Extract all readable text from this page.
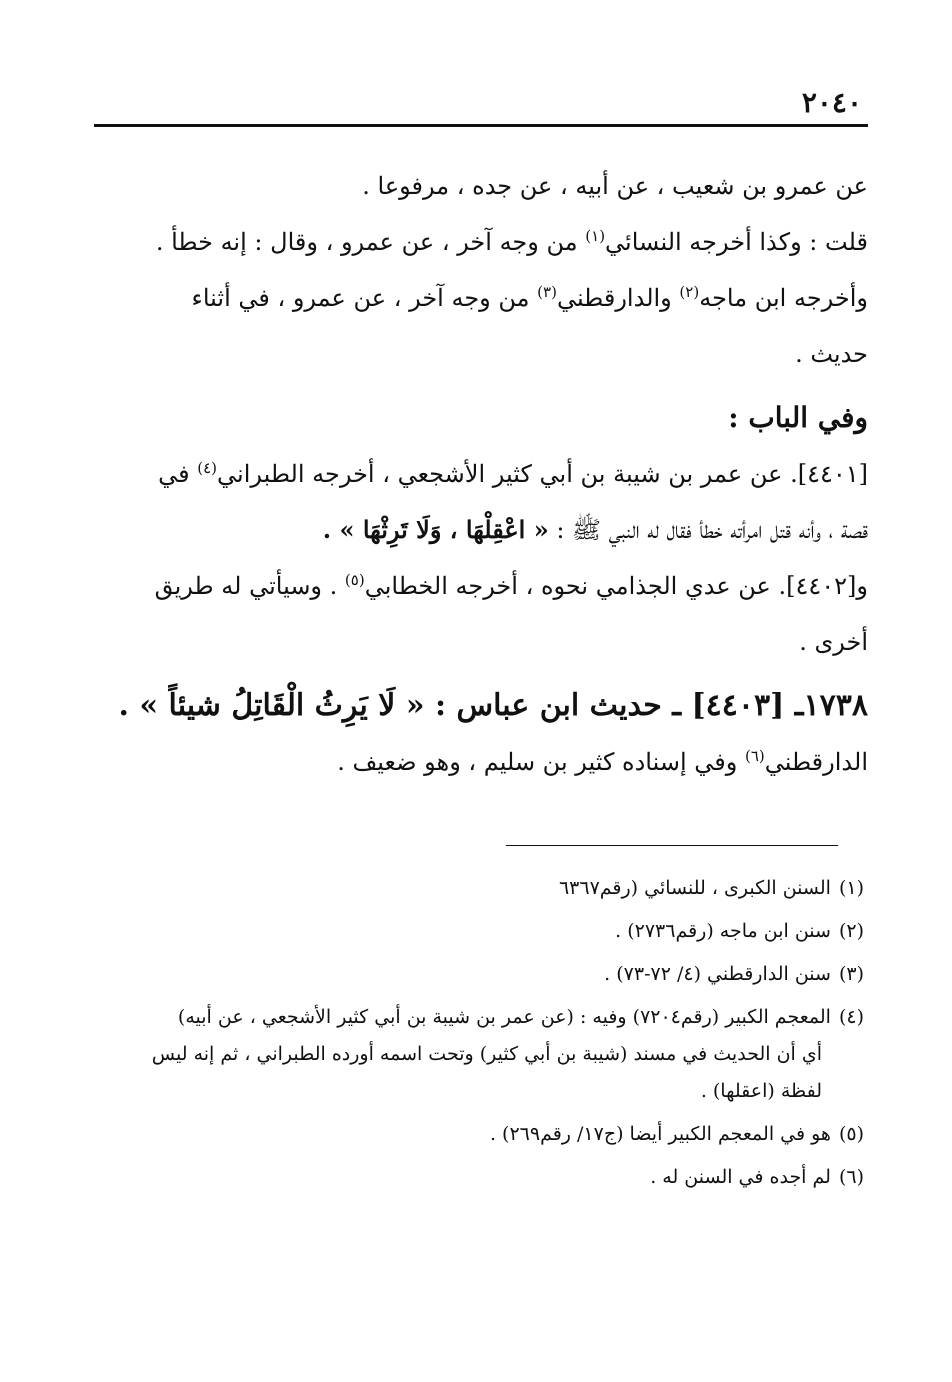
٢٠٤٠
عن عمرو بن شعيب ، عن أبيه ، عن جده ، مرفوعا .
قلت : وكذا أخرجه النسائي$^{(١)}$ من وجه آخر ، عن عمرو ، وقال : إنه خطأ .
وأخرجه ابن ماجه$^{(٢)}$ والدارقطني$^{(٣)}$ من وجه آخر ، عن عمرو ، في أثناء
حديث .
وفي الباب :
[٤٤٠١]. عن عمر بن شيبة بن أبي كثير الأشجعي ، أخرجه الطبراني$^{(٤)}$ في
قصة ، وأنه قتل امرأته خطأ فقال له النبي ﷺ : « اعْقِلْهَا ، وَلَا تَرِثْهَا » .
و[٤٤٠٢]. عن عدي الجذامي نحوه ، أخرجه الخطابي$^{(٥)}$ . وسيأتي له طريق
أخرى .
١٧٣٨ـ [٤٤٠٣] ـ حديث ابن عباس : « لَا يَرِثُ الْقَاتِلُ شيئاً » .
الدارقطني$^{(٦)}$ وفي إسناده كثير بن سليم ، وهو ضعيف .
(١)السنن الكبرى ، للنسائي (رقم٦٣٦٧
(٢)سنن ابن ماجه (رقم٢٧٣٦) .
(٣)سنن الدارقطني (٤/ ٧٢-٧٣) .
(٤)المعجم الكبير (رقم٧٢٠٤) وفيه : (عن عمر بن شيبة بن أبي كثير الأشجعي ، عن أبيه)
أي أن الحديث في مسند (شيبة بن أبي كثير) وتحت اسمه أورده الطبراني ، ثم إنه ليس
لفظة (اعقلها) .
(٥)هو في المعجم الكبير أيضا (ج١٧/ رقم٢٦٩) .
(٦)لم أجده في السنن له .
